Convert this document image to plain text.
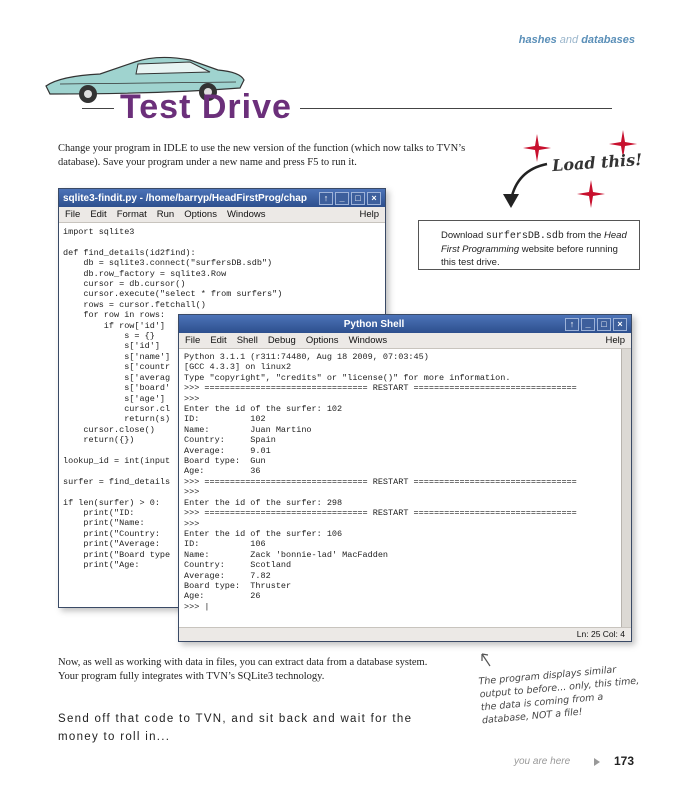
hashes and databases
Test Drive
Change your program in IDLE to use the new version of the function (which now talks to TVN’s database). Save your program under a new name and press F5 to run it.	Load this!
Download surfersDB.sdb from the Head First Programming website before running this test drive.
sqlite3-findit.py - /home/barryp/HeadFirstProg/chap	↑	_	□	×
File Edit Format Run Options Windows	Help
import sqlite3

def find_details(id2find):
db = sqlite3.connect("surfersDB.sdb")
db.row_factory = sqlite3.Row
cursor = db.cursor()
cursor.execute("select * from surfers")
rows = cursor.fetchall()
for row in rows:
if row['id']
s = {}
s['id']
s['name']
s['countr
s['averag
s['board'
s['age']
cursor.cl
return(s)
cursor.close()
return({})

lookup_id = int(input

surfer = find_details

if len(surfer) > 0:
print("ID:
print("Name:
print("Country:
print("Average:
print("Board type
print("Age:
Python Shell	↑	_	□	×
File Edit Shell Debug Options Windows	Help
Python 3.1.1 (r311:74480, Aug 18 2009, 07:03:45)
[GCC 4.3.3] on linux2
Type "copyright", "credits" or "license()" for more information.
>>> ================================ RESTART ================================
>>>
Enter the id of the surfer: 102
ID:          102
Name:        Juan Martino
Country:     Spain
Average:     9.01
Board type:  Gun
Age:         36
>>> ================================ RESTART ================================
>>>
Enter the id of the surfer: 298
>>> ================================ RESTART ================================
>>>
Enter the id of the surfer: 106
ID:          106
Name:        Zack 'bonnie-lad' MacFadden
Country:     Scotland
Average:     7.82
Board type:  Thruster
Age:         26
>>> |
Ln: 25 Col: 4
Now, as well as working with data in files, you can extract data from a database system. Your program fully integrates with TVN’s SQLite3 technology.
Send off that code to TVN, and sit back and wait for the money to roll in...
The program displays similar output to before... only, this time, the data is coming from a database, NOT a file!
you are here	173
